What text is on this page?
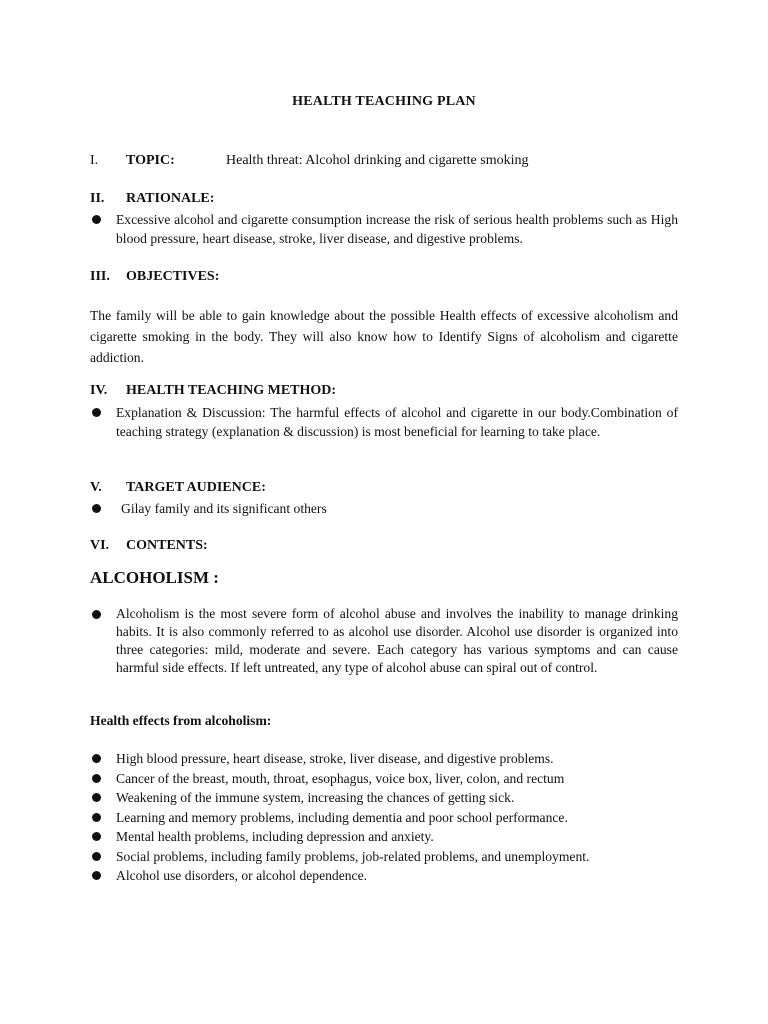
HEALTH TEACHING PLAN
I. TOPIC:	Health threat: Alcohol drinking and cigarette smoking
II. RATIONALE:
Excessive alcohol and cigarette consumption increase the risk of serious health problems such as High blood pressure, heart disease, stroke, liver disease, and digestive problems.
III. OBJECTIVES:
The family will be able to gain knowledge about the possible Health effects of excessive alcoholism and cigarette smoking in the body. They will also know how to Identify Signs of alcoholism and cigarette addiction.
IV. HEALTH TEACHING METHOD:
Explanation & Discussion: The harmful effects of alcohol and cigarette in our body.Combination of teaching strategy (explanation & discussion) is most beneficial for learning to take place.
V. TARGET AUDIENCE:
Gilay family and its significant others
VI. CONTENTS:
ALCOHOLISM :
Alcoholism is the most severe form of alcohol abuse and involves the inability to manage drinking habits. It is also commonly referred to as alcohol use disorder. Alcohol use disorder is organized into three categories: mild, moderate and severe. Each category has various symptoms and can cause harmful side effects. If left untreated, any type of alcohol abuse can spiral out of control.
Health effects from alcoholism:
High blood pressure, heart disease, stroke, liver disease, and digestive problems.
Cancer of the breast, mouth, throat, esophagus, voice box, liver, colon, and rectum
Weakening of the immune system, increasing the chances of getting sick.
Learning and memory problems, including dementia and poor school performance.
Mental health problems, including depression and anxiety.
Social problems, including family problems, job-related problems, and unemployment.
Alcohol use disorders, or alcohol dependence.
